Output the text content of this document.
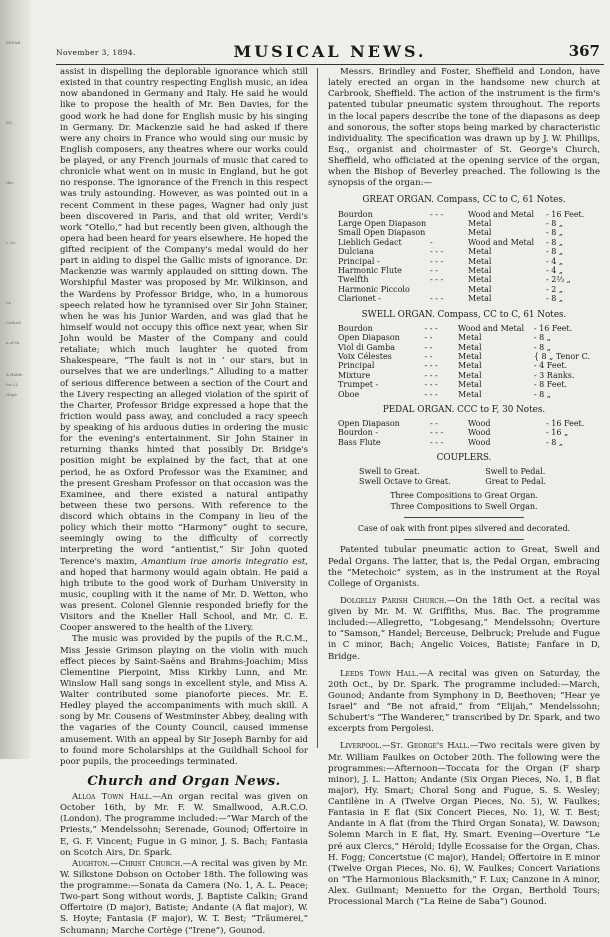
ESSAR
ED
thir
r, &c.
LL
Cathed.
n of th
A Hidde
for LL
Hope
November 3, 1894.	MUSICAL NEWS.	367

assist in dispelling the deplorable ignorance which still existed in that country respecting English music, an idea now abandoned in Germany and Italy. He said he would like to propose the health of Mr. Ben Davies, for the good work he had done for English music by his singing in Germany. Dr. Mackenzie said he had asked if there were any choirs in France who would sing our music by English composers, any theatres where our works could be played, or any French journals of music that cared to chronicle what went on in music in England, but he got no response. The ignorance of the French in this respect was truly astounding. However, as was pointed out in a recent Comment in these pages, Wagner had only just been discovered in Paris, and that old writer, Verdi's work “Otello,” had but recently been given, although the opera had been heard for years elsewhere. He hoped the gifted recipient of the Company's medal would do her part in aiding to dispel the Gallic mists of ignorance. Dr. Mackenzie was warmly applauded on sitting down. The Worshipful Master was proposed by Mr. Wilkinson, and the Wardens by Professor Bridge, who, in a humorous speech related how he tyrannised over Sir John Stainer, when he was his Junior Warden, and was glad that he himself would not occupy this office next year, when Sir John would be Master of the Company and could retaliate; which much laughter he quoted from Shakespeare, “The fault is not in ‘ our stars, but in ourselves that we are underlings.” Alluding to a matter of serious difference between a section of the Court and the Livery respecting an alleged violation of the spirit of the Charter, Professor Bridge expressed a hope that the friction would pass away, and concluded a racy speech by speaking of his arduous duties in ordering the music for the evening's entertainment. Sir John Stainer in returning thanks hinted that possibly Dr. Bridge's position might be explained by the fact, that at one period, he as Oxford Professor was the Examiner, and the present Gresham Professor on that occasion was the Examinee, and there existed a natural antipathy between these two persons. With reference to the discord which obtains in the Company in lieu of the policy which their motto “Harmony” ought to secure, seemingly owing to the difficulty of correctly interpreting the word “antientist,” Sir John quoted Terence's maxim, Amantium irae amoris integratio est, and hoped that harmony would again obtain. He paid a high tribute to the good work of Durham University in music, coupling with it the name of Mr. D. Wetton, who was present. Colonel Glennie responded briefly for the Visitors and the Kneller Hall School, and Mr. C. E. Cooper answered to the health of the Livery.

The music was provided by the pupils of the R.C.M., Miss Jessie Grimson playing on the violin with much effect pieces by Saint-Saëns and Brahms-Joachim; Miss Clementine Pierpoint, Miss Kirkby Lunn, and Mr. Winslow Hall sang songs in excellent style, and Miss A. Walter contributed some pianoforte pieces. Mr. E. Hedley played the accompaniments with much skill. A song by Mr. Cousens of Westminster Abbey, dealing with the vagaries of the County Council, caused immense amusement. With an appeal by Sir Joseph Barnby for aid to found more Scholarships at the Guildhall School for poor pupils, the proceedings terminated.

Church and Organ News.

Alloa Town Hall.—An organ recital was given on October 16th, by Mr. F. W. Smallwood, A.R.C.O. (London). The programme included:—“War March of the Priests,” Mendelssohn; Serenade, Gounod; Offertoire in E, G. F. Vincent; Fugue in G minor, J. S. Bach; Fantasia on Scotch Airs, Dr. Spark.

Aughton.—Christ Church.—A recital was given by Mr. W. Silkstone Dobson on October 18th. The following was the programme:—Sonata da Camera (No. 1, A. L. Peace; Two-part Song without words, J. Baptiste Calkin; Grand Offertoire (D major), Batiste; Andante (A flat major), W. S. Hoyte; Fantasia (F major), W. T. Best; “Träumerei,” Schumann; Marche Cortège (“Irene”), Gounod.

Messrs. Brindley and Foster, Sheffield and London, have lately erected an organ in the handsome new church at Carbrook, Sheffield. The action of the instrument is the firm's patented tubular pneumatic system throughout. The reports in the local papers describe the tone of the diapasons as deep and sonorous, the softer stops being marked by characteristic individuality. The specification was drawn up by J. W. Phillips, Esq., organist and choirmaster of St. George's Church, Sheffield, who officiated at the opening service of the organ, when the Bishop of Beverley preached. The following is the synopsis of the organ:—

GREAT ORGAN. Compass, CC to C, 61 Notes.
Bourdon	- - -	Wood and Metal	- 16 Feet.
Large Open Diapason		Metal	- 8 „
Small Open Diapason		Metal	- 8 „
Lieblich Gedact	-	Wood and Metal	- 8 „
Dulciana	- - -	Metal	- 8 „
Principal -	- - -	Metal	- 4 „
Harmonic Flute	- -	Metal	- 4 „
Twelfth	- - -	Metal	- 2⅔ „
Harmonic Piccolo		Metal	- 2 „
Clarionet -	- - -	Metal	- 8 „
SWELL ORGAN. Compass, CC to C, 61 Notes.
Bourdon	- - -	Wood and Metal	- 16 Feet.
Open Diapason	- -	Metal	- 8 „
Viol di Gamba	- -	Metal	- 8 „
Voix Célestes	- -	Metal	{ 8 „ Tenor C.
Principal	- - -	Metal	- 4 Feet.
Mixture	- - -	Metal	- 3 Ranks.
Trumpet -	- - -	Metal	- 8 Feet.
Oboe	- - -	Metal	- 8 „
PEDAL ORGAN. CCC to F, 30 Notes.
Open Diapason	- -	Wood	- 16 Feet.
Bourdon -	- - -	Wood	- 16 „
Bass Flute	- - -	Wood	- 8 „
COUPLERS.
Swell to Great.	Swell to Pedal.
Swell Octave to Great.	Great to Pedal.
Three Compositions to Great Organ.
Three Compositions to Swell Organ.
Case of oak with front pipes silvered and decorated.

Patented tubular pneumatic action to Great, Swell and Pedal Organs. The latter, that is, the Pedal Organ, embracing the “Metechoic” system, as in the instrument at the Royal College of Organists.

Dolgelly Parish Church.—On the 18th Oct. a recital was given by Mr. M. W. Griffiths, Mus. Bac. The programme included:—Allegretto, “Lobgesang,” Mendelssohn; Overture to “Samson,” Handel; Berceuse, Delbruck; Prelude and Fugue in C minor, Bach; Angelic Voices, Batiste; Fanfare in D, Bridge.

Leeds Town Hall.—A recital was given on Saturday, the 20th Oct., by Dr. Spark. The programme included:—March, Gounod; Andante from Symphony in D, Beethoven; “Hear ye Israel” and “Be not afraid,” from “Elijah,” Mendelssohn; Schubert's “The Wanderer,” transcribed by Dr. Spark, and two excerpts from Pergolesi.

Liverpool.—St. George's Hall.—Two recitals were given by Mr. William Faulkes on October 20th. The following were the programmes:—Afternoon—Toccata for the Organ (F sharp minor), J. L. Hatton; Andante (Six Organ Pieces, No. 1, B flat major), Hy. Smart; Choral Song and Fugue, S. S. Wesley; Cantilène in A (Twelve Organ Pieces, No. 5), W. Faulkes; Fantasia in E flat (Six Concert Pieces, No. 1), W. T. Best; Andante in A flat (from the Third Organ Sonata), W. Dawson; Solemn March in E flat, Hy. Smart. Evening—Overture “Le pré aux Clercs,” Hérold; Idylle Ecossaise for the Organ, Chas. H. Fogg; Concertstue (C major), Handel; Offertoire in E minor (Twelve Organ Pieces, No. 6), W. Faulkes; Concert Variations on “The Harmonious Blacksmith,” F. Lux; Canzone in A minor, Alex. Guilmant; Menuetto for the Organ, Berthold Tours; Processional March (“La Reine de Saba”) Gounod.
